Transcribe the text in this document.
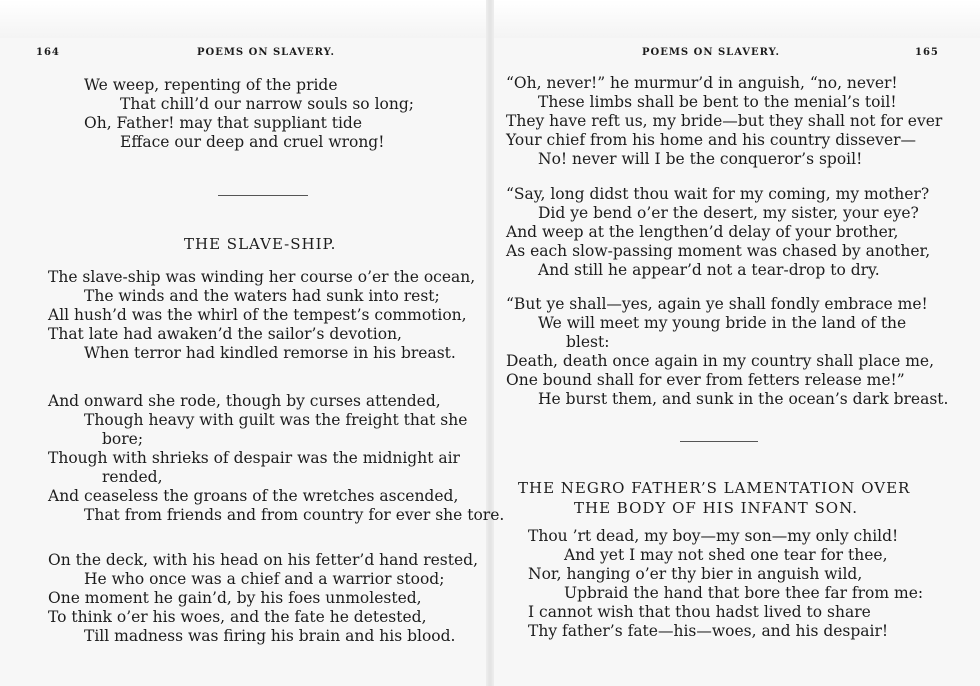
164	POEMS ON SLAVERY.
We weep, repenting of the pride
That chill’d our narrow souls so long;
Oh, Father! may that suppliant tide
Efface our deep and cruel wrong!
THE SLAVE-SHIP.
The slave-ship was winding her course o’er the ocean,
The winds and the waters had sunk into rest;
All hush’d was the whirl of the tempest’s commotion,
That late had awaken’d the sailor’s devotion,
When terror had kindled remorse in his breast.
And onward she rode, though by curses attended,
Though heavy with guilt was the freight that she
bore;
Though with shrieks of despair was the midnight air
rended,
And ceaseless the groans of the wretches ascended,
That from friends and from country for ever she tore.
On the deck, with his head on his fetter’d hand rested,
He who once was a chief and a warrior stood;
One moment he gain’d, by his foes unmolested,
To think o’er his woes, and the fate he detested,
Till madness was firing his brain and his blood.
POEMS ON SLAVERY.	165
“Oh, never!” he murmur’d in anguish, “no, never!
These limbs shall be bent to the menial’s toil!
They have reft us, my bride—but they shall not for ever
Your chief from his home and his country dissever—
No! never will I be the conqueror’s spoil!
“Say, long didst thou wait for my coming, my mother?
Did ye bend o’er the desert, my sister, your eye?
And weep at the lengthen’d delay of your brother,
As each slow-passing moment was chased by another,
And still he appear’d not a tear-drop to dry.
“But ye shall—yes, again ye shall fondly embrace me!
We will meet my young bride in the land of the
blest:
Death, death once again in my country shall place me,
One bound shall for ever from fetters release me!”
He burst them, and sunk in the ocean’s dark breast.
THE NEGRO FATHER’S LAMENTATION OVER
THE BODY OF HIS INFANT SON.
Thou ’rt dead, my boy—my son—my only child!
And yet I may not shed one tear for thee,
Nor, hanging o’er thy bier in anguish wild,
Upbraid the hand that bore thee far from me:
I cannot wish that thou hadst lived to share
Thy father’s fate—his—woes, and his despair!
